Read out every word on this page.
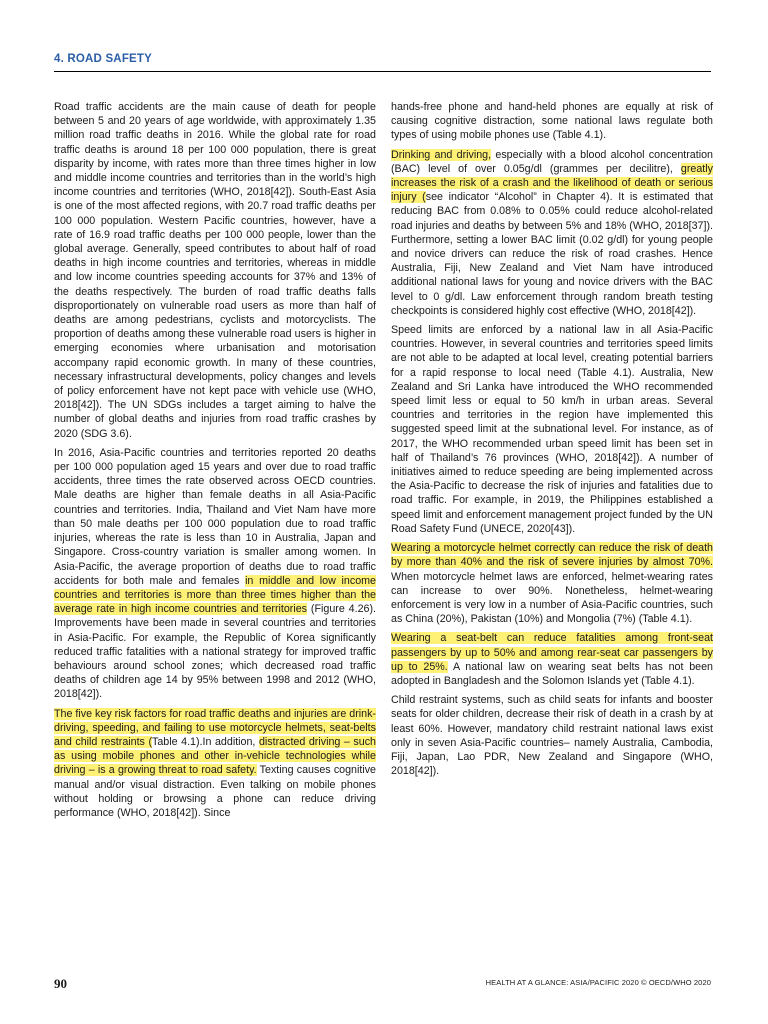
4. ROAD SAFETY

Road traffic accidents are the main cause of death for people between 5 and 20 years of age worldwide, with approximately 1.35 million road traffic deaths in 2016. While the global rate for road traffic deaths is around 18 per 100 000 population, there is great disparity by income, with rates more than three times higher in low and middle income countries and territories than in the world’s high income countries and territories (WHO, 2018[42]). South-East Asia is one of the most affected regions, with 20.7 road traffic deaths per 100 000 population. Western Pacific countries, however, have a rate of 16.9 road traffic deaths per 100 000 people, lower than the global average. Generally, speed contributes to about half of road deaths in high income countries and territories, whereas in middle and low income countries speeding accounts for 37% and 13% of the deaths respectively. The burden of road traffic deaths falls disproportionately on vulnerable road users as more than half of deaths are among pedestrians, cyclists and motorcyclists. The proportion of deaths among these vulnerable road users is higher in emerging economies where urbanisation and motorisation accompany rapid economic growth. In many of these countries, necessary infrastructural developments, policy changes and levels of policy enforcement have not kept pace with vehicle use (WHO, 2018[42]). The UN SDGs includes a target aiming to halve the number of global deaths and injuries from road traffic crashes by 2020 (SDG 3.6).

In 2016, Asia-Pacific countries and territories reported 20 deaths per 100 000 population aged 15 years and over due to road traffic accidents, three times the rate observed across OECD countries. Male deaths are higher than female deaths in all Asia-Pacific countries and territories. India, Thailand and Viet Nam have more than 50 male deaths per 100 000 population due to road traffic injuries, whereas the rate is less than 10 in Australia, Japan and Singapore. Cross-country variation is smaller among women. In Asia-Pacific, the average proportion of deaths due to road traffic accidents for both male and females in middle and low income countries and territories is more than three times higher than the average rate in high income countries and territories (Figure 4.26). Improvements have been made in several countries and territories in Asia-Pacific. For example, the Republic of Korea significantly reduced traffic fatalities with a national strategy for improved traffic behaviours around school zones; which decreased road traffic deaths of children age 14 by 95% between 1998 and 2012 (WHO, 2018[42]).

The five key risk factors for road traffic deaths and injuries are drink-driving, speeding, and failing to use motorcycle helmets, seat-belts and child restraints (Table 4.1).In addition, distracted driving – such as using mobile phones and other in-vehicle technologies while driving – is a growing threat to road safety. Texting causes cognitive manual and/or visual distraction. Even talking on mobile phones without holding or browsing a phone can reduce driving performance (WHO, 2018[42]). Since

hands-free phone and hand-held phones are equally at risk of causing cognitive distraction, some national laws regulate both types of using mobile phones use (Table 4.1).

Drinking and driving, especially with a blood alcohol concentration (BAC) level of over 0.05g/dl (grammes per decilitre), greatly increases the risk of a crash and the likelihood of death or serious injury (see indicator “Alcohol” in Chapter 4). It is estimated that reducing BAC from 0.08% to 0.05% could reduce alcohol-related road injuries and deaths by between 5% and 18% (WHO, 2018[37]). Furthermore, setting a lower BAC limit (0.02 g/dl) for young people and novice drivers can reduce the risk of road crashes. Hence Australia, Fiji, New Zealand and Viet Nam have introduced additional national laws for young and novice drivers with the BAC level to 0 g/dl. Law enforcement through random breath testing checkpoints is considered highly cost effective (WHO, 2018[42]).

Speed limits are enforced by a national law in all Asia-Pacific countries. However, in several countries and territories speed limits are not able to be adapted at local level, creating potential barriers for a rapid response to local need (Table 4.1). Australia, New Zealand and Sri Lanka have introduced the WHO recommended speed limit less or equal to 50 km/h in urban areas. Several countries and territories in the region have implemented this suggested speed limit at the subnational level. For instance, as of 2017, the WHO recommended urban speed limit has been set in half of Thailand’s 76 provinces (WHO, 2018[42]). A number of initiatives aimed to reduce speeding are being implemented across the Asia-Pacific to decrease the risk of injuries and fatalities due to road traffic. For example, in 2019, the Philippines established a speed limit and enforcement management project funded by the UN Road Safety Fund (UNECE, 2020[43]).

Wearing a motorcycle helmet correctly can reduce the risk of death by more than 40% and the risk of severe injuries by almost 70%. When motorcycle helmet laws are enforced, helmet-wearing rates can increase to over 90%. Nonetheless, helmet-wearing enforcement is very low in a number of Asia-Pacific countries, such as China (20%), Pakistan (10%) and Mongolia (7%) (Table 4.1).

Wearing a seat-belt can reduce fatalities among front-seat passengers by up to 50% and among rear-seat car passengers by up to 25%. A national law on wearing seat belts has not been adopted in Bangladesh and the Solomon Islands yet (Table 4.1).

Child restraint systems, such as child seats for infants and booster seats for older children, decrease their risk of death in a crash by at least 60%. However, mandatory child restraint national laws exist only in seven Asia-Pacific countries– namely Australia, Cambodia, Fiji, Japan, Lao PDR, New Zealand and Singapore (WHO, 2018[42]).

90	HEALTH AT A GLANCE: ASIA/PACIFIC 2020 © OECD/WHO 2020
